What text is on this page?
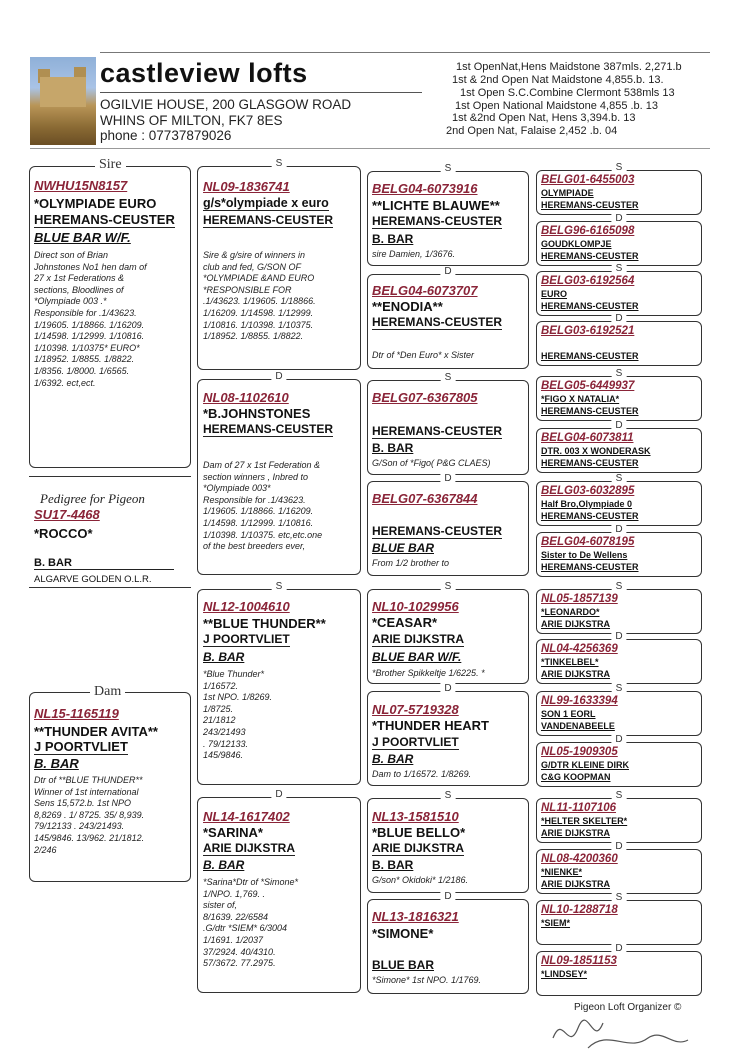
castleview lofts
OGILVIE HOUSE, 200 GLASGOW ROAD
WHINS OF MILTON, FK7 8ES
phone : 07737879026
1st OpenNat,Hens Maidstone 387mls. 2,271.b
1st & 2nd Open Nat Maidstone 4,855.b. 13.
1st Open S.C.Combine Clermont 538mls 13
1st Open National Maidstone 4,855 .b. 13
1st &2nd Open Nat, Hens 3,394.b. 13
2nd Open Nat, Falaise 2,452 .b. 04
Sire
NWHU15N8157
*OLYMPIADE EURO
HEREMANS-CEUSTER
BLUE BAR W/F.
Direct son of Brian
Johnstones No1 hen dam of
27 x 1st Federations &
sections, Bloodlines of
*Olympiade 003 .*
Responsible for .1/43623.
1/19605. 1/18866. 1/16209.
1/14598. 1/12999. 1/10816.
1/10398. 1/10375* EURO*
1/18952. 1/8855. 1/8822.
1/8356. 1/8000. 1/6565.
1/6392. ect,ect.
Pedigree for Pigeon
SU17-4468
*ROCCO*
B. BAR
ALGARVE GOLDEN O.L.R.
Dam
NL15-1165119
**THUNDER AVITA**
J POORTVLIET
B. BAR
Dtr of **BLUE THUNDER**
Winner of 1st international
Sens 15,572.b. 1st NPO
8,8269 . 1/ 8725. 35/ 8,939.
79/12133 . 243/21493.
145/9846. 13/962. 21/1812.
2/246
S
NL09-1836741
g/s*olympiade x euro
HEREMANS-CEUSTER
Sire & g/sire of winners in
club and fed, G/SON OF
*OLYMPIADE &AND EURO
*RESPONSIBLE FOR
.1/43623. 1/19605. 1/18866.
1/16209. 1/14598. 1/12999.
1/10816. 1/10398. 1/10375.
1/18952. 1/8855. 1/8822.
D
NL08-1102610
*B.JOHNSTONES
HEREMANS-CEUSTER
Dam of 27 x 1st Federation &
section winners , Inbred to
*Olympiade 003*
Responsible for .1/43623.
1/19605. 1/18866. 1/16209.
1/14598. 1/12999. 1/10816.
1/10398. 1/10375. etc,etc.one
of the best breeders ever,
S
NL12-1004610
**BLUE THUNDER**
J POORTVLIET
B. BAR
*Blue Thunder*
1/16572.
1st NPO. 1/8269.
1/8725.
21/1812
243/21493
. 79/12133.
145/9846.
D
NL14-1617402
*SARINA*
ARIE DIJKSTRA
B. BAR
*Sarina*Dtr of *Simone*
1/NPO. 1,769. .
sister of,
8/1639. 22/6584
.G/dtr *SIEM* 6/3004
1/1691. 1/2037
37/2924. 40/4310.
57/3672. 77.2975.
S
BELG04-6073916
**LICHTE BLAUWE**
HEREMANS-CEUSTER
B. BAR
sire Damien, 1/3676.
D
BELG04-6073707
**ENODIA**
HEREMANS-CEUSTER
Dtr of *Den Euro* x Sister
S
BELG07-6367805
HEREMANS-CEUSTER
B. BAR
G/Son of *Figo( P&G CLAES)
D
BELG07-6367844
HEREMANS-CEUSTER
BLUE BAR
From 1/2 brother to
S
NL10-1029956
*CEASAR*
ARIE DIJKSTRA
BLUE BAR W/F.
*Brother Spikkeltje 1/6225. *
D
NL07-5719328
*THUNDER HEART
J POORTVLIET
B. BAR
Dam to 1/16572. 1/8269.
S
NL13-1581510
*BLUE BELLO*
ARIE DIJKSTRA
B. BAR
G/son* Okidoki* 1/2186.
D
NL13-1816321
*SIMONE*
BLUE BAR
*Simone* 1st NPO. 1/1769.
S
BELG01-6455003
OLYMPIADE
HEREMANS-CEUSTER
D
BELG96-6165098
GOUDKLOMPJE
HEREMANS-CEUSTER
S
BELG03-6192564
EURO
HEREMANS-CEUSTER
D
BELG03-6192521
HEREMANS-CEUSTER
S
BELG05-6449937
*FIGO X NATALIA*
HEREMANS-CEUSTER
D
BELG04-6073811
DTR. 003 X WONDERASK
HEREMANS-CEUSTER
S
BELG03-6032895
Half Bro,Olympiade 0
HEREMANS-CEUSTER
D
BELG04-6078195
Sister to De Wellens
HEREMANS-CEUSTER
S
NL05-1857139
*LEONARDO*
ARIE DIJKSTRA
D
NL04-4256369
*TINKELBEL*
ARIE DIJKSTRA
S
NL99-1633394
SON 1 EORL
VANDENABEELE
D
NL05-1909305
G/DTR KLEINE DIRK
C&G KOOPMAN
S
NL11-1107106
*HELTER SKELTER*
ARIE DIJKSTRA
D
NL08-4200360
*NIENKE*
ARIE DIJKSTRA
S
NL10-1288718
*SIEM*
D
NL09-1851153
*LINDSEY*
Pigeon Loft Organizer ©
